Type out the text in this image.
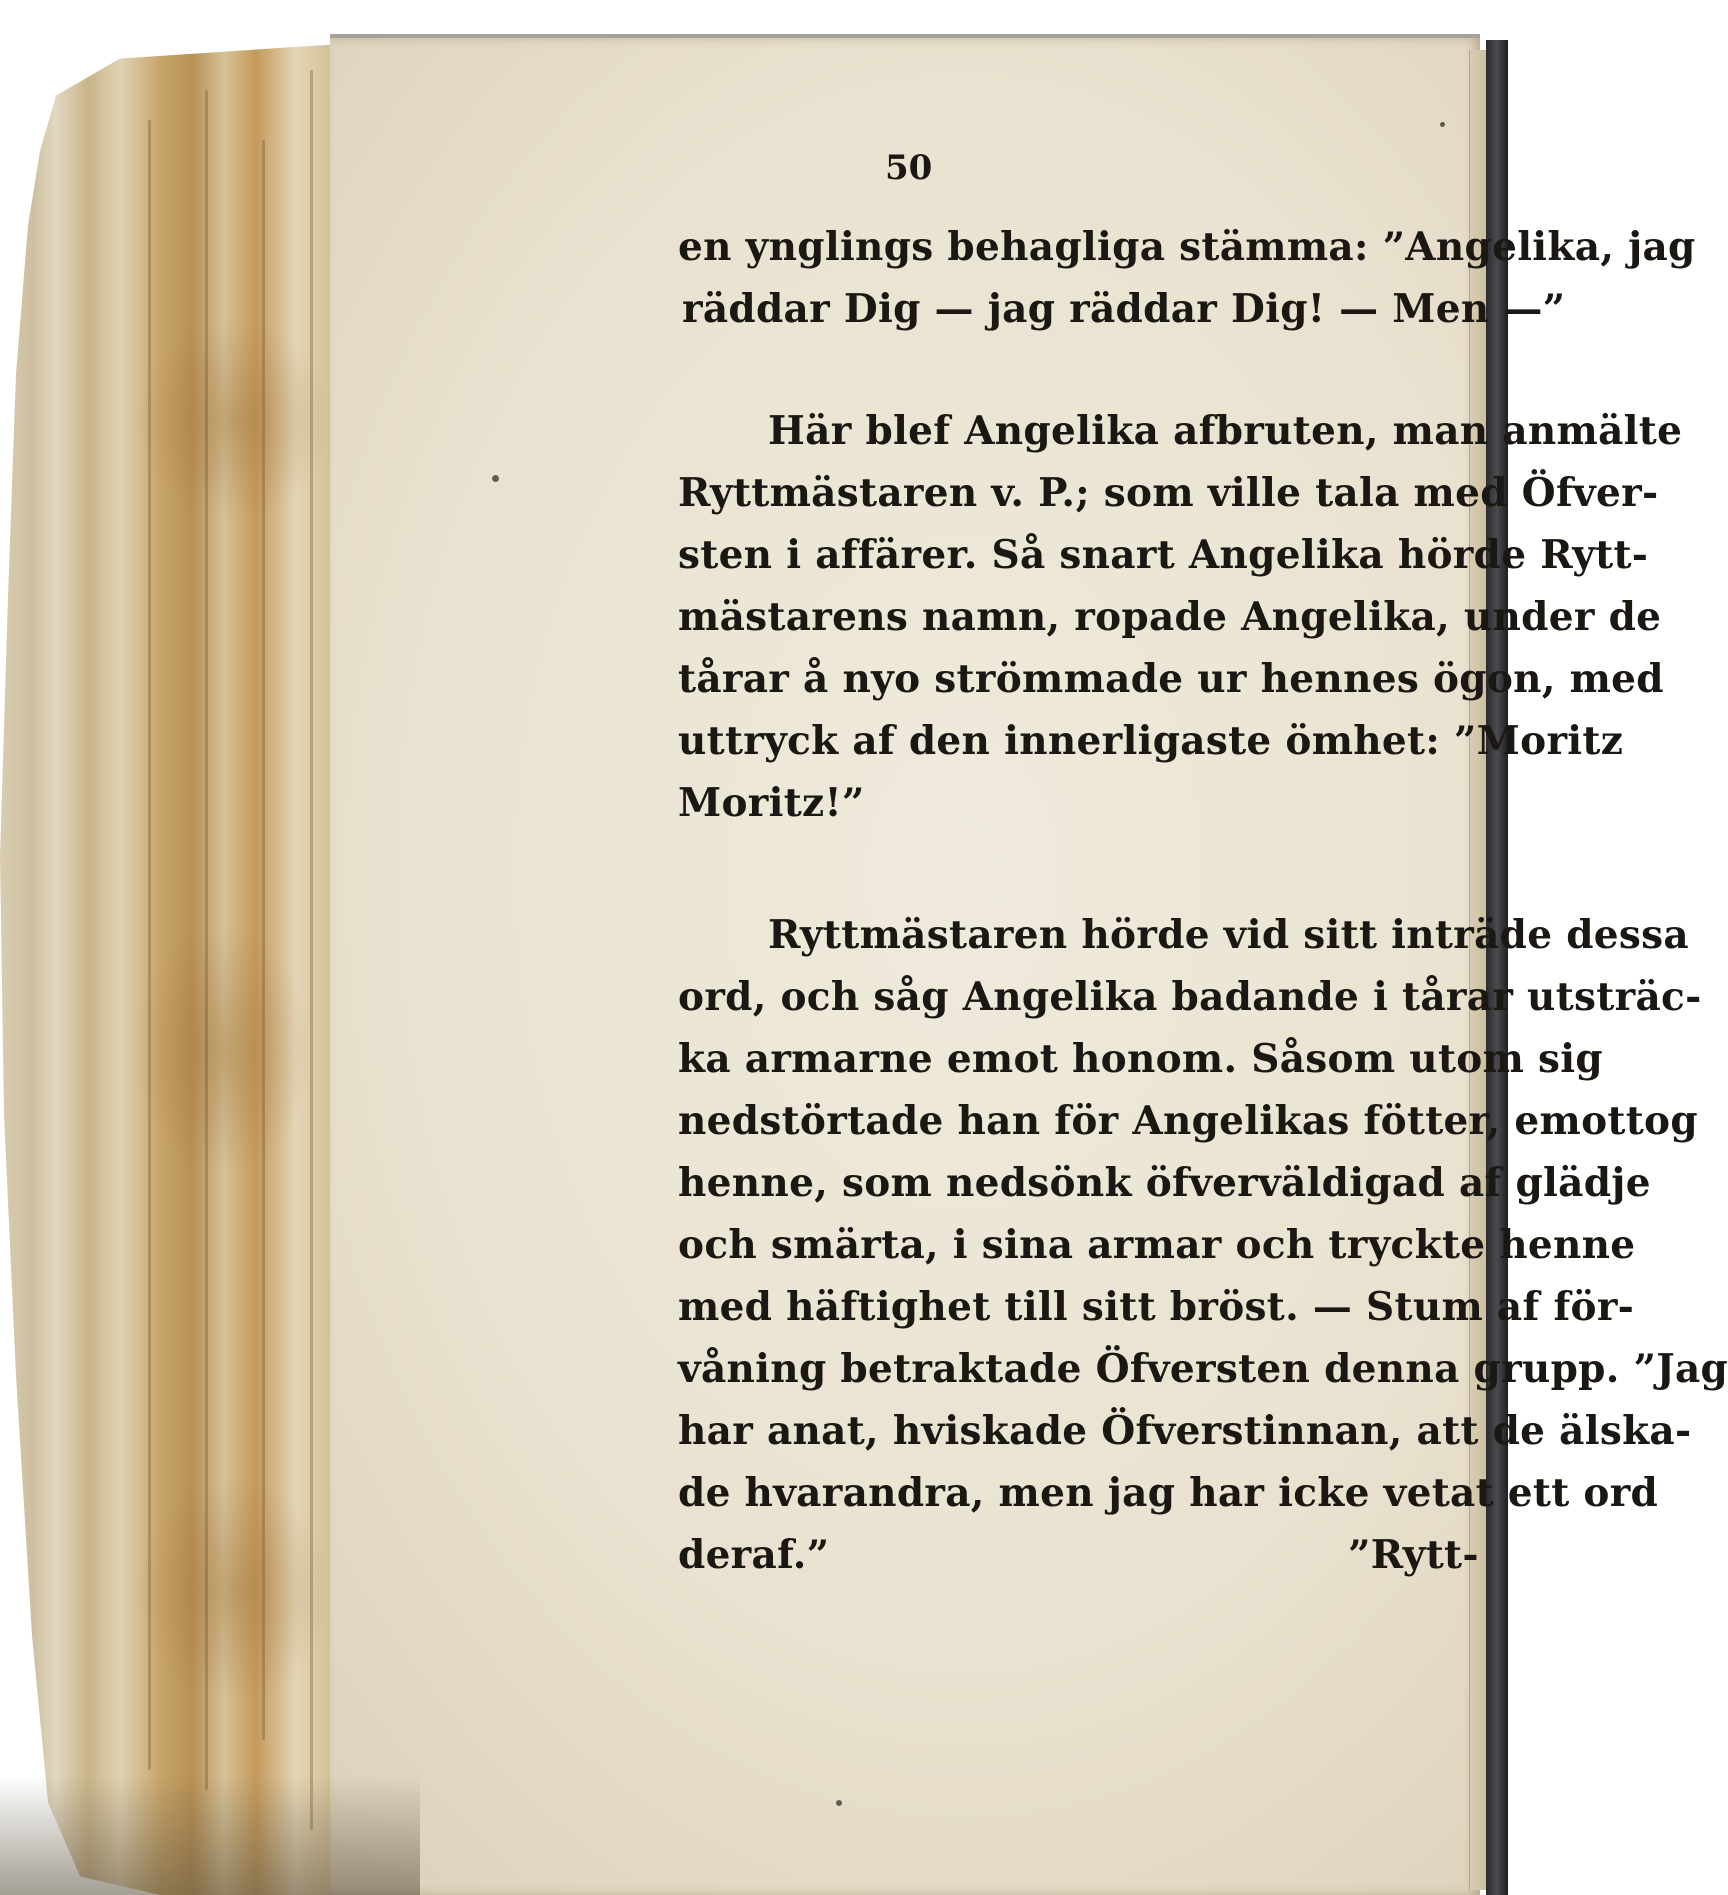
50
en ynglings behagliga stämma: ”Angelika, jag
räddar Dig — jag räddar Dig! — Men —”
Här blef Angelika afbruten, man anmälte
Ryttmästaren v. P.; som ville tala med Öfver-
sten i affärer. Så snart Angelika hörde Rytt-
mästarens namn, ropade Angelika, under de
tårar å nyo strömmade ur hennes ögon, med
uttryck af den innerligaste ömhet: ”Moritz
Moritz!”
Ryttmästaren hörde vid sitt inträde dessa
ord, och såg Angelika badande i tårar utsträc-
ka armarne emot honom. Såsom utom sig
nedstörtade han för Angelikas fötter, emottog
henne, som nedsönk öfverväldigad af glädje
och smärta, i sina armar och tryckte henne
med häftighet till sitt bröst. — Stum af för-
våning betraktade Öfversten denna grupp. ”Jag
har anat, hviskade Öfverstinnan, att de älska-
de hvarandra, men jag har icke vetat ett ord
deraf.”	”Rytt-
